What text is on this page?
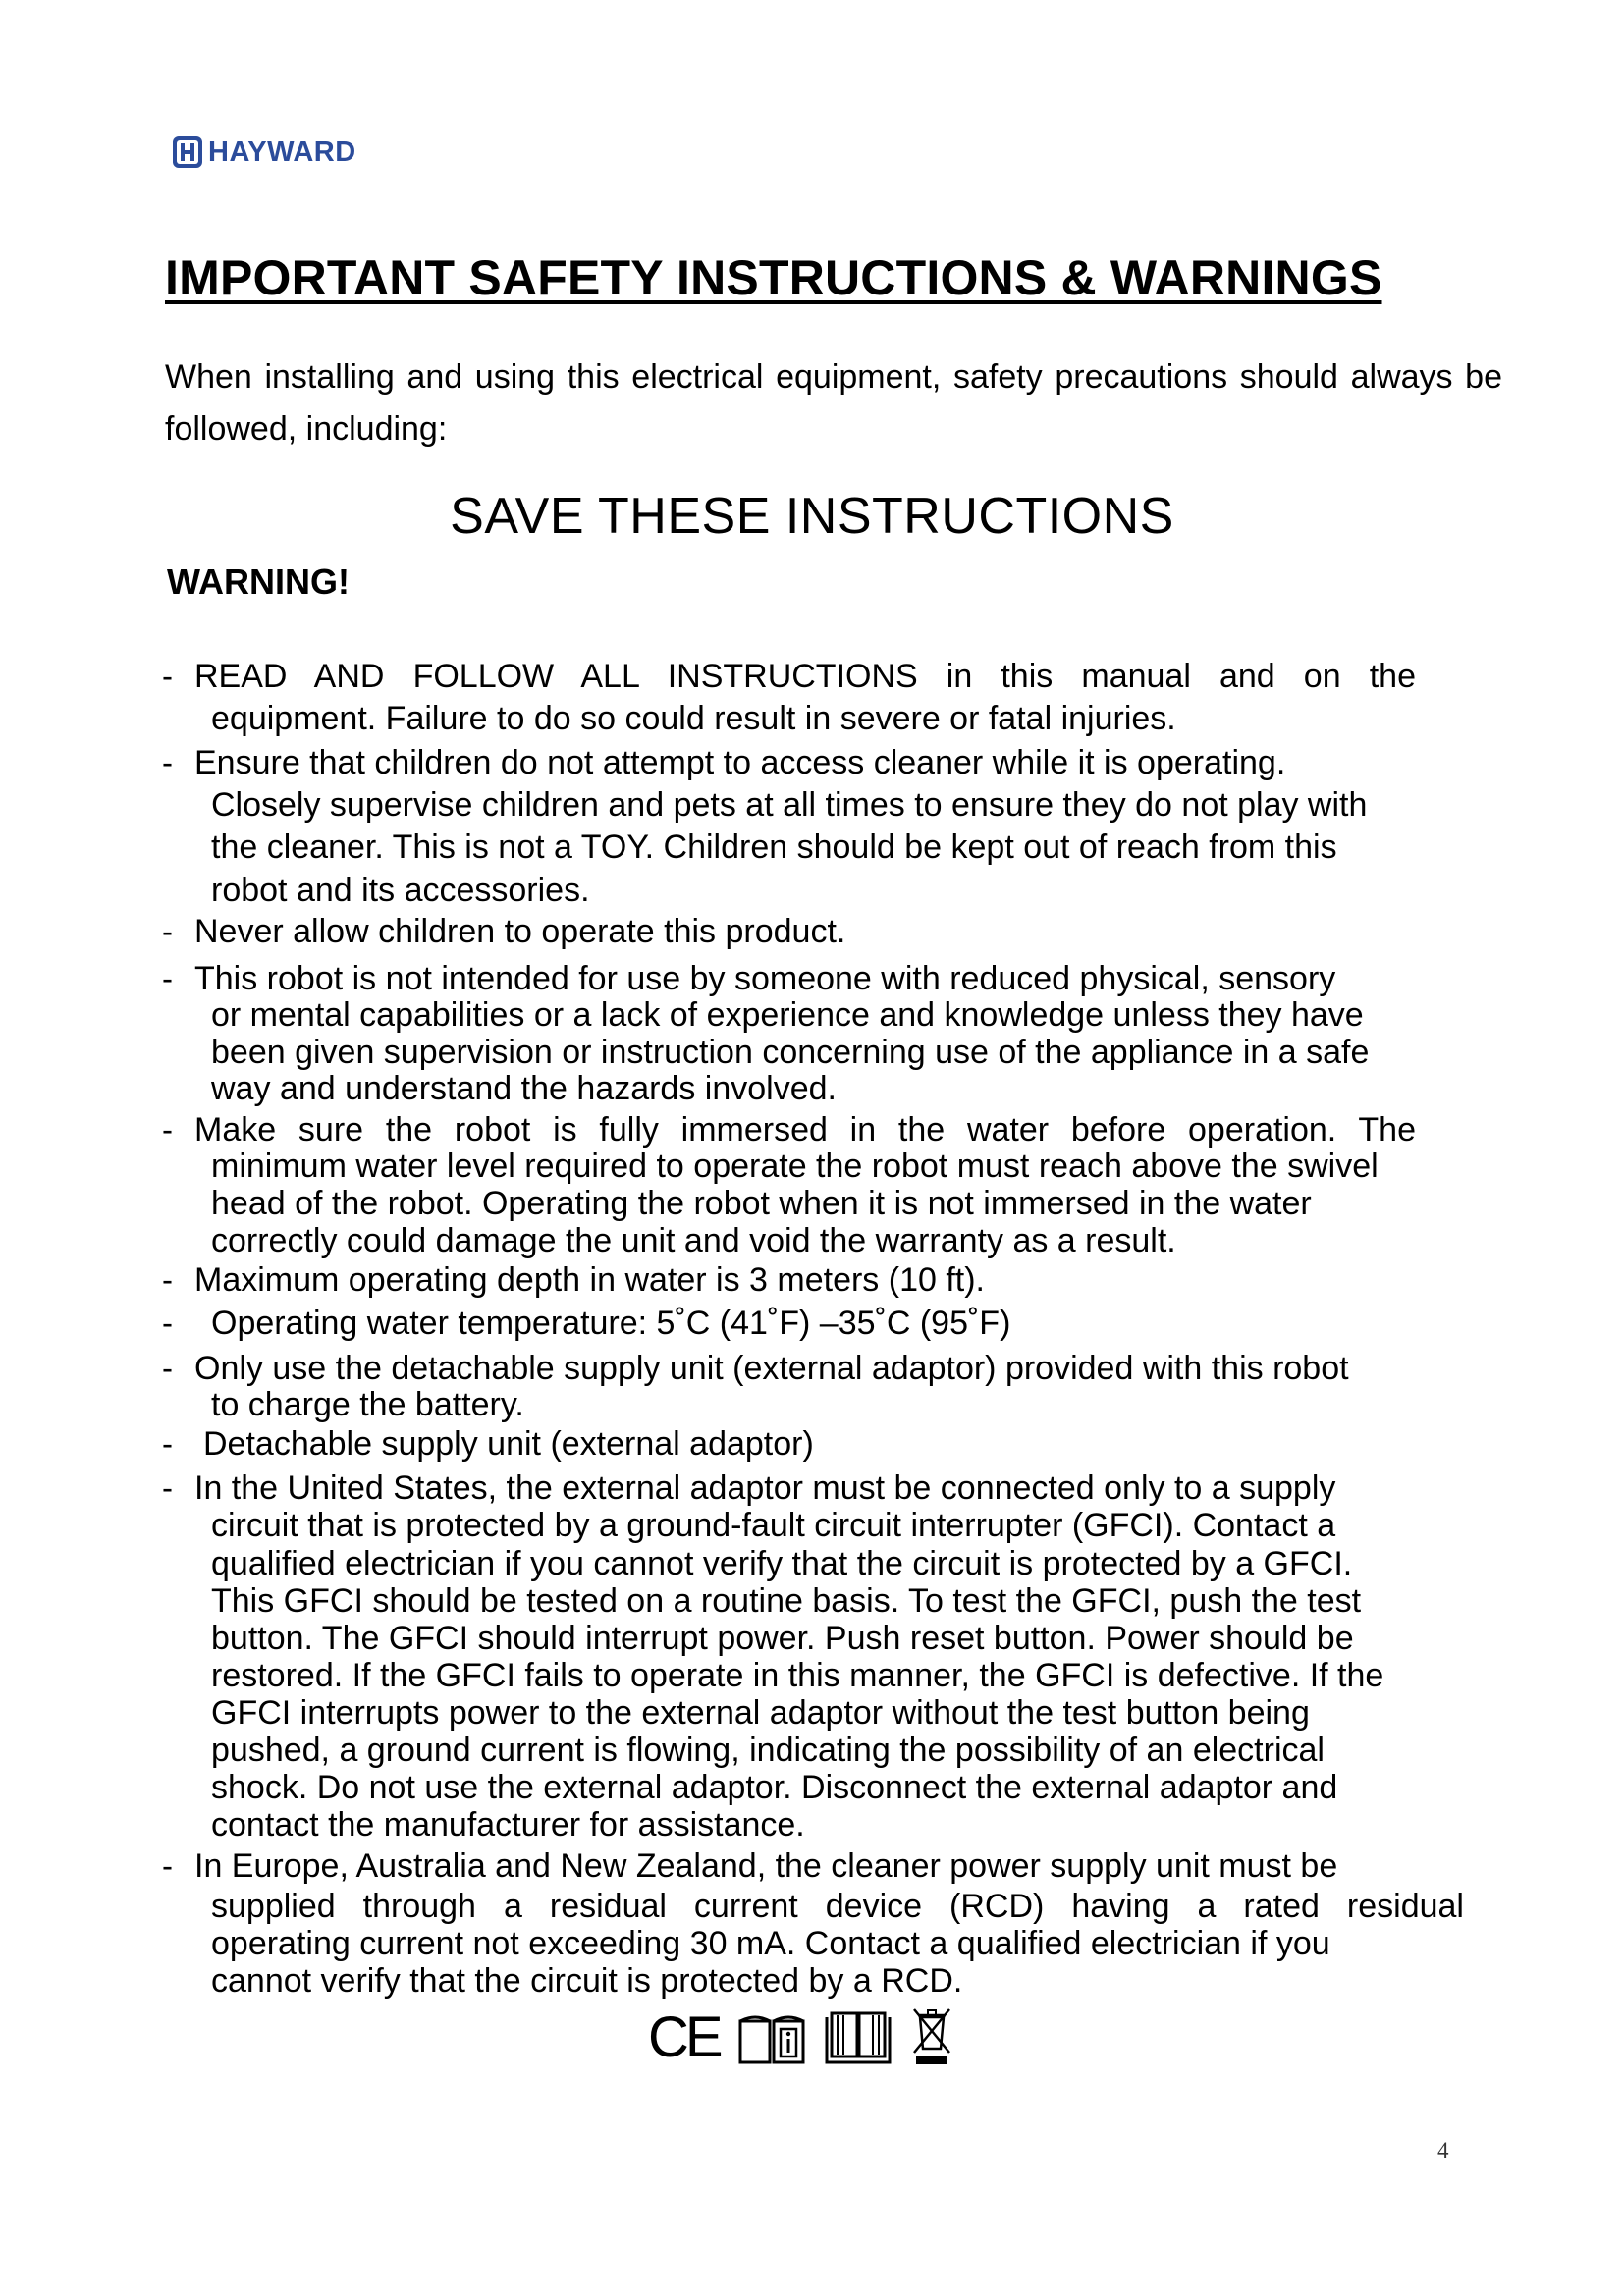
HAYWARD
IMPORTANT SAFETY INSTRUCTIONS & WARNINGS

When installing and using this electrical equipment, safety precautions should always be followed, including:

SAVE THESE INSTRUCTIONS
WARNING!
- READ AND FOLLOW ALL INSTRUCTIONS in this manual and on the
equipment. Failure to do so could result in severe or fatal injuries.
- Ensure that children do not attempt to access cleaner while it is operating.
Closely supervise children and pets at all times to ensure they do not play with
the cleaner. This is not a TOY. Children should be kept out of reach from this
robot and its accessories.
- Never allow children to operate this product.
- This robot is not intended for use by someone with reduced physical, sensory
or mental capabilities or a lack of experience and knowledge unless they have
been given supervision or instruction concerning use of the appliance in a safe
way and understand the hazards involved.
- Make sure the robot is fully immersed in the water before operation. The
minimum water level required to operate the robot must reach above the swivel
head of the robot. Operating the robot when it is not immersed in the water
correctly could damage the unit and void the warranty as a result.
- Maximum operating depth in water is 3 meters (10 ft).
- Operating water temperature: 5˚C (41˚F) –35˚C (95˚F)
- Only use the detachable supply unit (external adaptor) provided with this robot
to charge the battery.
- Detachable supply unit (external adaptor)
- In the United States, the external adaptor must be connected only to a supply
circuit that is protected by a ground-fault circuit interrupter (GFCI). Contact a
qualified electrician if you cannot verify that the circuit is protected by a GFCI.
This GFCI should be tested on a routine basis. To test the GFCI, push the test
button. The GFCI should interrupt power. Push reset button. Power should be
restored. If the GFCI fails to operate in this manner, the GFCI is defective. If the
GFCI interrupts power to the external adaptor without the test button being
pushed, a ground current is flowing, indicating the possibility of an electrical
shock. Do not use the external adaptor. Disconnect the external adaptor and
contact the manufacturer for assistance.
- In Europe, Australia and New Zealand, the cleaner power supply unit must be
supplied through a residual current device (RCD) having a rated residual
operating current not exceeding 30 mA. Contact a qualified electrician if you
cannot verify that the circuit is protected by a RCD.
CE
4
